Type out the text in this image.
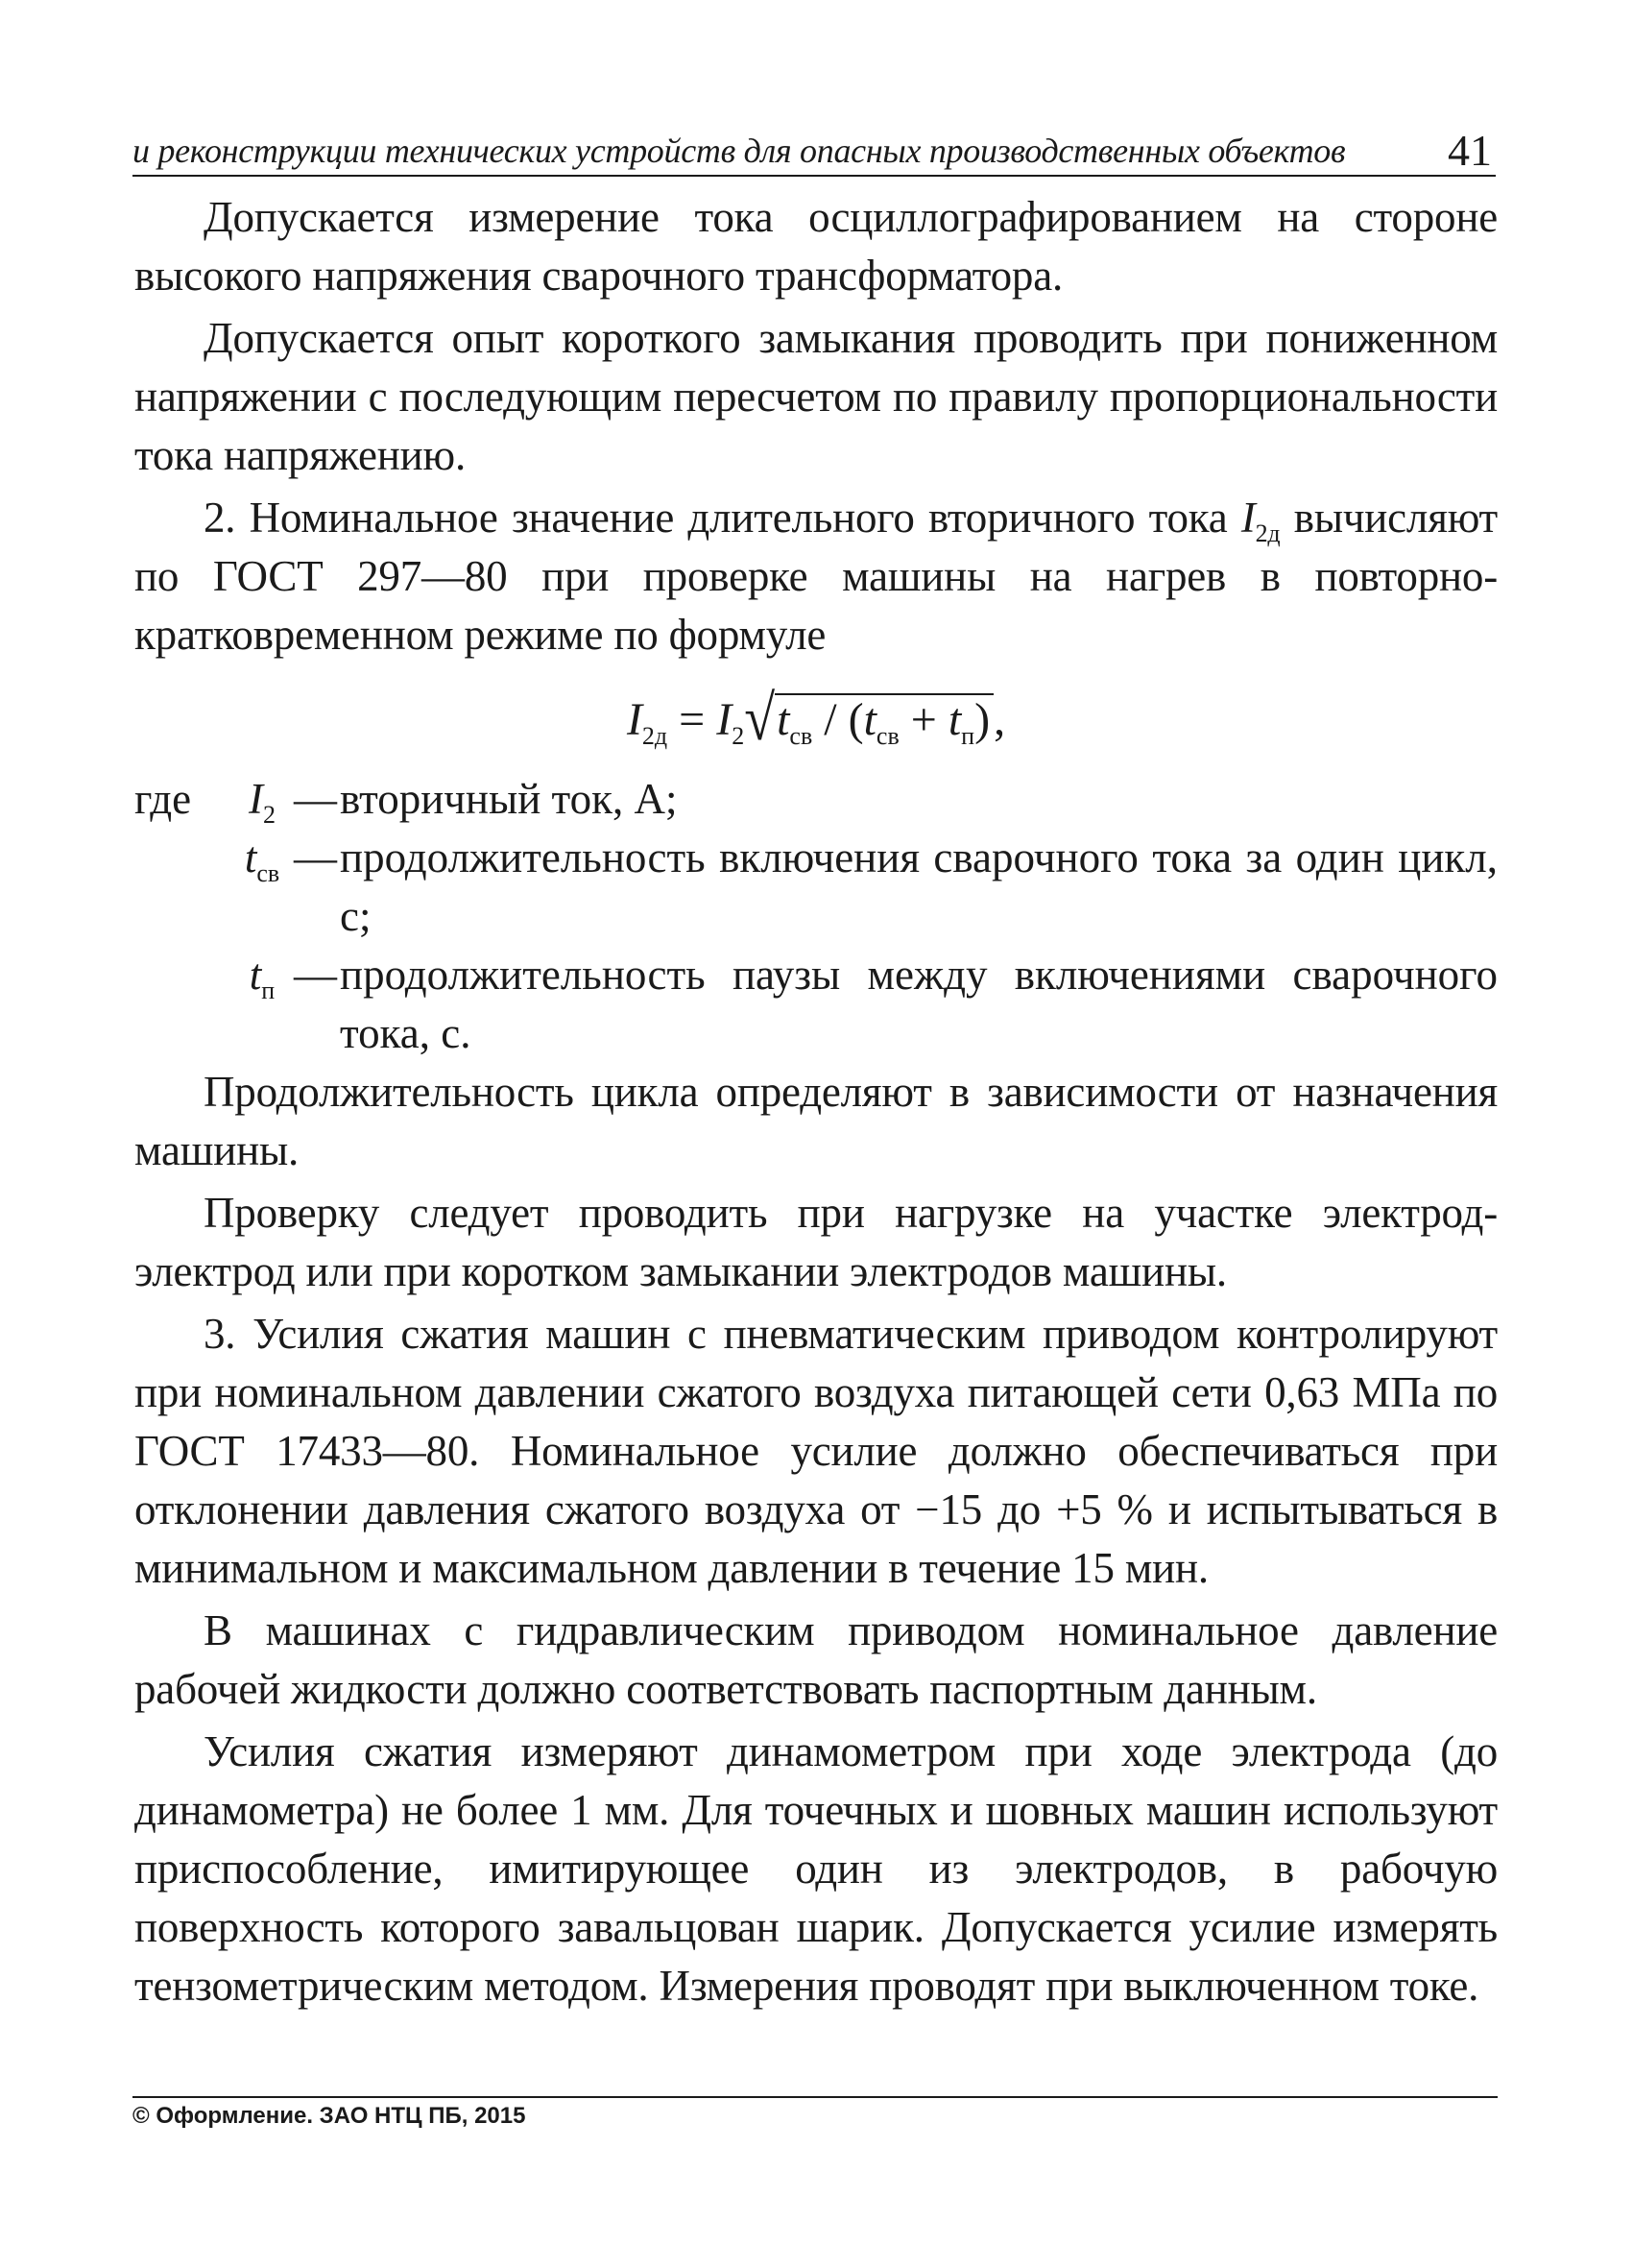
и реконструкции технических устройств для опасных производственных объектов 41

Допускается измерение тока осциллографированием на стороне высокого напряжения сварочного трансформатора.

Допускается опыт короткого замыкания проводить при пониженном напряжении с последующим пересчетом по правилу пропорциональности тока напряжению.

2. Номинальное значение длительного вторичного тока $I_{2д}$ вычисляют по ГОСТ 297—80 при проверке машины на нагрев в повторно-кратковременном режиме по формуле

$I_{2д} = I_2√t_{св} / (t_{св} + t_п)$,
где	$I_2$	—	вторичный ток, А;
	$t_{св}$	—	продолжительность включения сварочного тока за один цикл, с;
	$t_п$	—	продолжительность паузы между включениями сварочного тока, с.

Продолжительность цикла определяют в зависимости от назначения машины.

Проверку следует проводить при нагрузке на участке электрод-электрод или при коротком замыкании электродов машины.

3. Усилия сжатия машин с пневматическим приводом контролируют при номинальном давлении сжатого воздуха питающей сети 0,63 МПа по ГОСТ 17433—80. Номинальное усилие должно обеспечиваться при отклонении давления сжатого воздуха от −15 до +5 % и испытываться в минимальном и максимальном давлении в течение 15 мин.

В машинах с гидравлическим приводом номинальное давление рабочей жидкости должно соответствовать паспортным данным.

Усилия сжатия измеряют динамометром при ходе электрода (до динамометра) не более 1 мм. Для точечных и шовных машин используют приспособление, имитирующее один из электродов, в рабочую поверхность которого завальцован шарик. Допускается усилие измерять тензометрическим методом. Измерения проводят при выключенном токе.

© Оформление. ЗАО НТЦ ПБ, 2015
